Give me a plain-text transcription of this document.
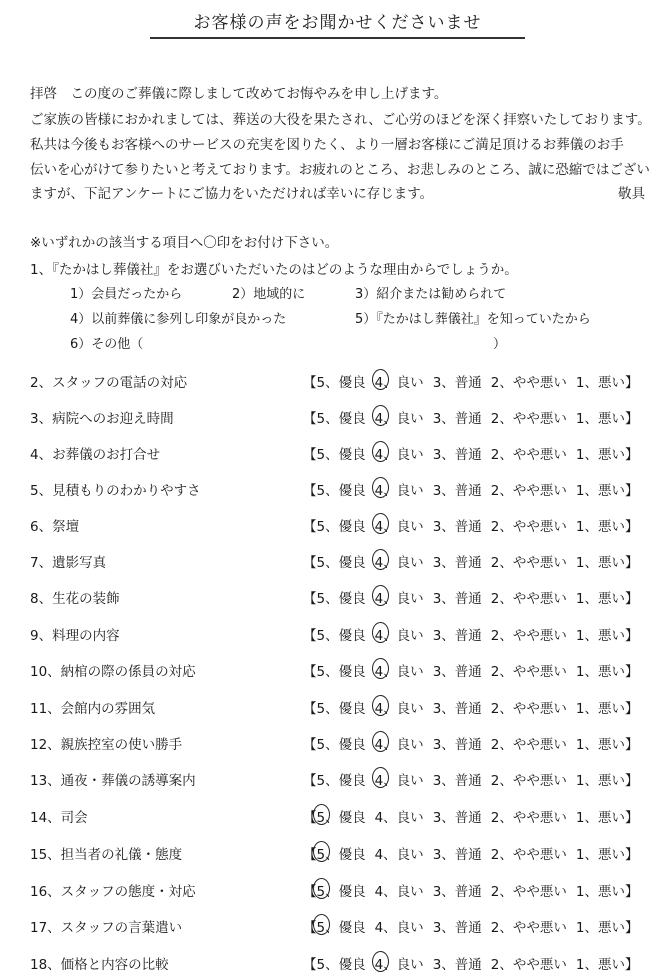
お客様の声をお聞かせくださいませ
拝啓　この度のご葬儀に際しまして改めてお悔やみを申し上げます。
ご家族の皆様におかれましては、葬送の大役を果たされ、ご心労のほどを深く拝察いたしております。
私共は今後もお客様へのサービスの充実を図りたく、より一層お客様にご満足頂けるお葬儀のお手
伝いを心がけて参りたいと考えております。お疲れのところ、お悲しみのところ、誠に恐縮ではござい
ますが、下記アンケートにご協力をいただければ幸いに存じます。	敬具
※いずれかの該当する項目へ〇印をお付け下さい。
1、『たかはし葬儀社』をお選びいただいたのはどのような理由からでしょうか。
1）会員だったから	2）地域的に	3）紹介または勧められて
4）以前葬儀に参列し印象が良かった	5）『たかはし葬儀社』を知っていたから
6）その他（	）
2、スタッフの電話の対応	【5、優良 4、良い 3、普通 2、やや悪い 1、悪い】
3、病院へのお迎え時間	【5、優良 4、良い 3、普通 2、やや悪い 1、悪い】
4、お葬儀のお打合せ	【5、優良 4、良い 3、普通 2、やや悪い 1、悪い】
5、見積もりのわかりやすさ	【5、優良 4、良い 3、普通 2、やや悪い 1、悪い】
6、祭壇	【5、優良 4、良い 3、普通 2、やや悪い 1、悪い】
7、遺影写真	【5、優良 4、良い 3、普通 2、やや悪い 1、悪い】
8、生花の装飾	【5、優良 4、良い 3、普通 2、やや悪い 1、悪い】
9、料理の内容	【5、優良 4、良い 3、普通 2、やや悪い 1、悪い】
10、納棺の際の係員の対応	【5、優良 4、良い 3、普通 2、やや悪い 1、悪い】
11、会館内の雰囲気	【5、優良 4、良い 3、普通 2、やや悪い 1、悪い】
12、親族控室の使い勝手	【5、優良 4、良い 3、普通 2、やや悪い 1、悪い】
13、通夜・葬儀の誘導案内	【5、優良 4、良い 3、普通 2、やや悪い 1、悪い】
14、司会	【5、優良 4、良い 3、普通 2、やや悪い 1、悪い】
15、担当者の礼儀・態度	【5、優良 4、良い 3、普通 2、やや悪い 1、悪い】
16、スタッフの態度・対応	【5、優良 4、良い 3、普通 2、やや悪い 1、悪い】
17、スタッフの言葉遣い	【5、優良 4、良い 3、普通 2、やや悪い 1、悪い】
18、価格と内容の比較	【5、優良 4、良い 3、普通 2、やや悪い 1、悪い】
